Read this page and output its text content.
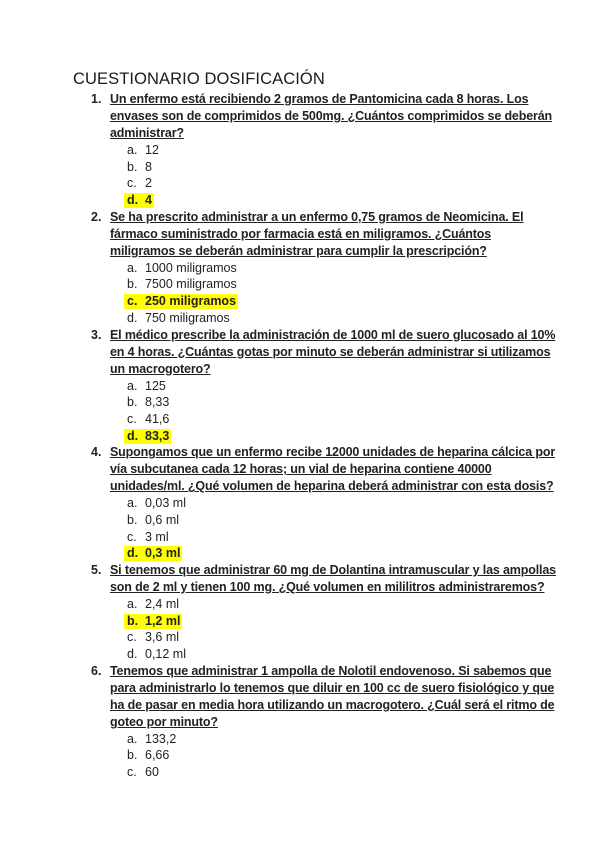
CUESTIONARIO DOSIFICACIÓN
1. Un enfermo está recibiendo 2 gramos de Pantomicina cada 8 horas. Los
envases son de comprimidos de 500mg. ¿Cuántos comprimidos se deberán
administrar?
a. 12
b. 8
c. 2
d. 4
2. Se ha prescrito administrar a un enfermo 0,75 gramos de Neomicina. El
fármaco suministrado por farmacia está en miligramos. ¿Cuántos
miligramos se deberán administrar para cumplir la prescripción?
a. 1000 miligramos
b. 7500 miligramos
c. 250 miligramos
d. 750 miligramos
3. El médico prescribe la administración de 1000 ml de suero glucosado al 10%
en 4 horas. ¿Cuántas gotas por minuto se deberán administrar si utilizamos
un macrogotero?
a. 125
b. 8,33
c. 41,6
d. 83,3
4. Supongamos que un enfermo recibe 12000 unidades de heparina cálcica por
vía subcutanea cada 12 horas; un vial de heparina contiene 40000
unidades/ml. ¿Qué volumen de heparina deberá administrar con esta dosis?
a. 0,03 ml
b. 0,6 ml
c. 3 ml
d. 0,3 ml
5. Si tenemos que administrar 60 mg de Dolantina intramuscular y las ampollas
son de 2 ml y tienen 100 mg. ¿Qué volumen en mililitros administraremos?
a. 2,4 ml
b. 1,2 ml
c. 3,6 ml
d. 0,12 ml
6. Tenemos que administrar 1 ampolla de Nolotil endovenoso. Si sabemos que
para administrarlo lo tenemos que diluir en 100 cc de suero fisiológico y que
ha de pasar en media hora utilizando un macrogotero. ¿Cuál será el ritmo de
goteo por minuto?
a. 133,2
b. 6,66
c. 60
